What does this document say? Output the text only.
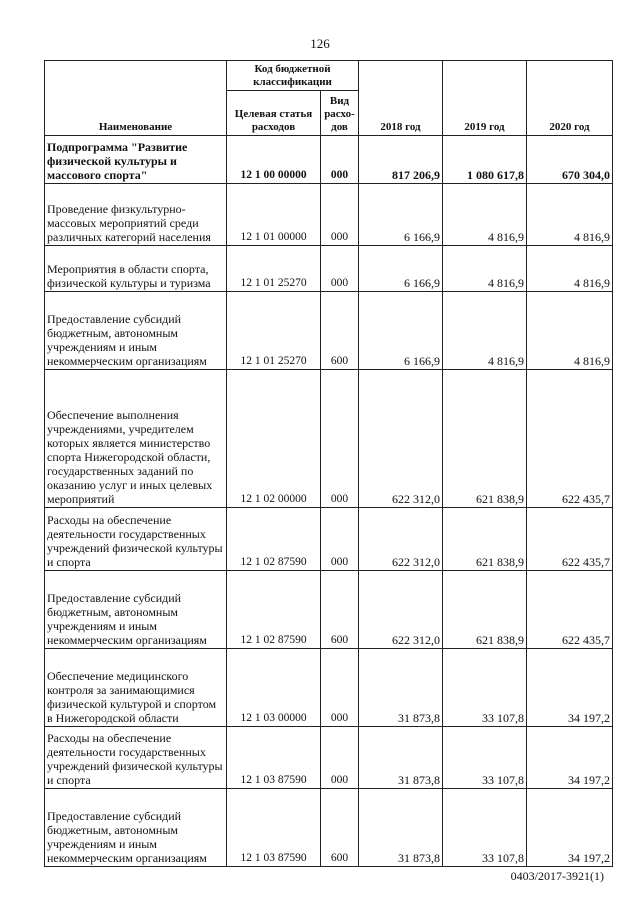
126
Наименование	Код бюджетной классификации		2018 год	2019 год	2020 год
	Целевая статья расходов	Вид расхо-дов			
Подпрограмма "Развитие физической культуры и массового спорта"	12 1 00 00000	000	817 206,9	1 080 617,8	670 304,0
Проведение физкультурно-массовых мероприятий среди различных категорий населения	12 1 01 00000	000	6 166,9	4 816,9	4 816,9
Мероприятия в области спорта, физической культуры и туризма	12 1 01 25270	000	6 166,9	4 816,9	4 816,9
Предоставление субсидий бюджетным, автономным учреждениям и иным некоммерческим организациям	12 1 01 25270	600	6 166,9	4 816,9	4 816,9
Обеспечение выполнения учреждениями, учредителем которых является министерство спорта Нижегородской области, государственных заданий по оказанию услуг и иных целевых мероприятий	12 1 02 00000	000	622 312,0	621 838,9	622 435,7
Расходы на обеспечение деятельности государственных учреждений физической культуры и спорта	12 1 02 87590	000	622 312,0	621 838,9	622 435,7
Предоставление субсидий бюджетным, автономным учреждениям и иным некоммерческим организациям	12 1 02 87590	600	622 312,0	621 838,9	622 435,7
Обеспечение медицинского контроля за занимающимися физической культурой и спортом в Нижегородской области	12 1 03 00000	000	31 873,8	33 107,8	34 197,2
Расходы на обеспечение деятельности государственных учреждений физической культуры и спорта	12 1 03 87590	000	31 873,8	33 107,8	34 197,2
Предоставление субсидий бюджетным, автономным учреждениям и иным некоммерческим организациям	12 1 03 87590	600	31 873,8	33 107,8	34 197,2
0403/2017-3921(1)
